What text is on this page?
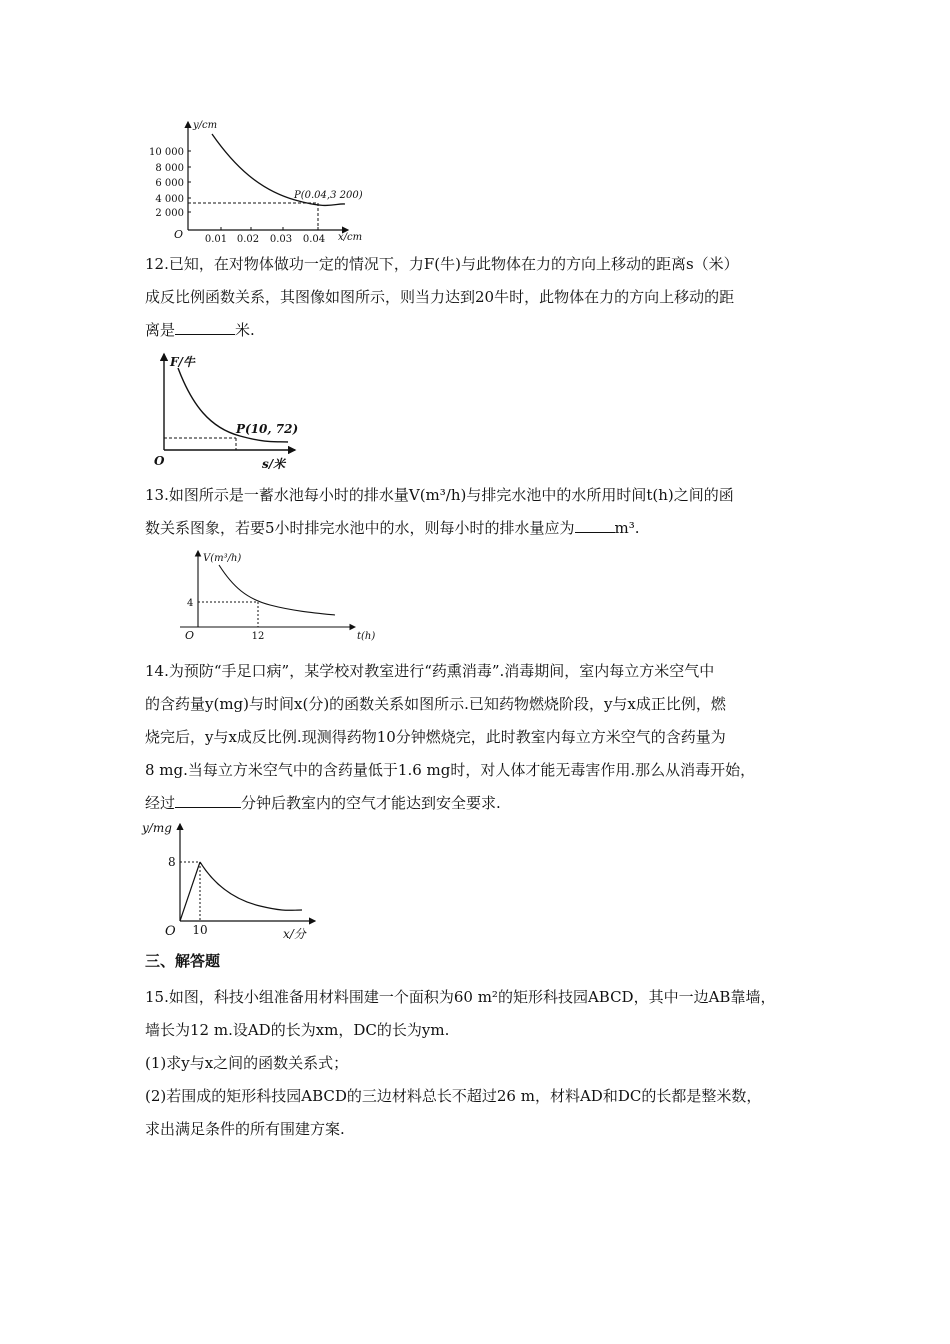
y/cm
x/cm
O
10 000
8 000
6 000
4 000
2 000
0.01 0.02 0.03 0.04
P(0.04,3 200)

12.已知，在对物体做功一定的情况下，力F(牛)与此物体在力的方向上移动的距离s（米）

成反比例函数关系，其图像如图所示，则当力达到20牛时，此物体在力的方向上移动的距

离是	米.

F/牛
s/米
O
P(10, 72)

13.如图所示是一蓄水池每小时的排水量V(m³/h)与排完水池中的水所用时间t(h)之间的函

数关系图象，若要5小时排完水池中的水，则每小时的排水量应为	m³.

V(m³/h)
t(h)
O
4
12

14.为预防“手足口病”，某学校对教室进行“药熏消毒”.消毒期间，室内每立方米空气中

的含药量y(mg)与时间x(分)的函数关系如图所示.已知药物燃烧阶段，y与x成正比例，燃

烧完后，y与x成反比例.现测得药物10分钟燃烧完，此时教室内每立方米空气的含药量为

8 mg.当每立方米空气中的含药量低于1.6 mg时，对人体才能无毒害作用.那么从消毒开始，

经过	分钟后教室内的空气才能达到安全要求.

y/mg
x/分
O
8
10
三、解答题

15.如图，科技小组准备用材料围建一个面积为60 m²的矩形科技园ABCD，其中一边AB靠墙，

墙长为12 m.设AD的长为xm，DC的长为ym.

(1)求y与x之间的函数关系式；

(2)若围成的矩形科技园ABCD的三边材料总长不超过26 m，材料AD和DC的长都是整米数，

求出满足条件的所有围建方案.
